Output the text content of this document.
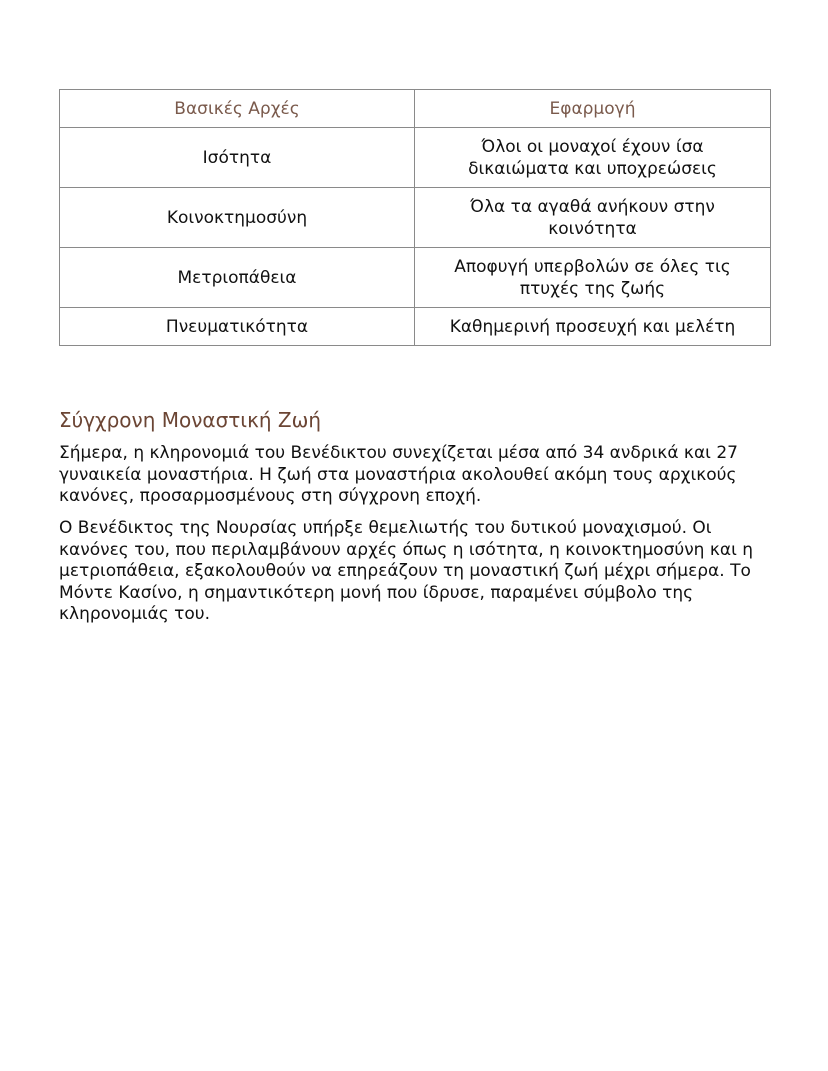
Βασικές Αρχές	Εφαρμογή
Ισότητα	Όλοι οι μοναχοί έχουν ίσα δικαιώματα και υποχρεώσεις
Κοινοκτημοσύνη	Όλα τα αγαθά ανήκουν στην κοινότητα
Μετριοπάθεια	Αποφυγή υπερβολών σε όλες τις πτυχές της ζωής
Πνευματικότητα	Καθημερινή προσευχή και μελέτη
Σύγχρονη Μοναστική Ζωή

Σήμερα, η κληρονομιά του Βενέδικτου συνεχίζεται μέσα από 34 ανδρικά και 27 γυναικεία μοναστήρια. Η ζωή στα μοναστήρια ακολουθεί ακόμη τους αρχικούς κανόνες, προσαρμοσμένους στη σύγχρονη εποχή.

Ο Βενέδικτος της Νουρσίας υπήρξε θεμελιωτής του δυτικού μοναχισμού. Οι κανόνες του, που περιλαμβάνουν αρχές όπως η ισότητα, η κοινοκτημοσύνη και η μετριοπάθεια, εξακολουθούν να επηρεάζουν τη μοναστική ζωή μέχρι σήμερα. Το Μόντε Κασίνο, η σημαντικότερη μονή που ίδρυσε, παραμένει σύμβολο της κληρονομιάς του.
